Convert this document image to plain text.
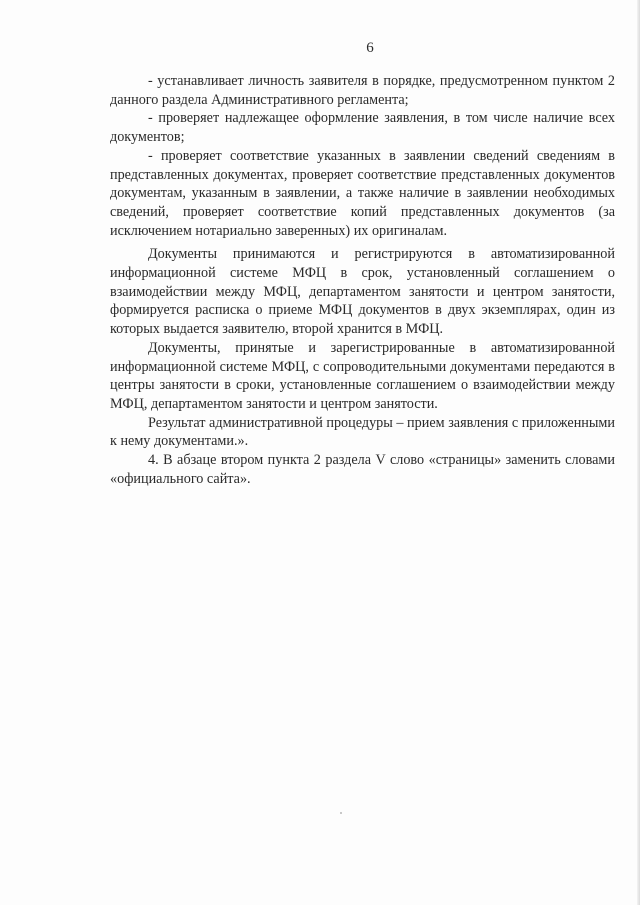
6

- устанавливает личность заявителя в порядке, предусмотренном пунктом 2 данного раздела Административного регламента;

- проверяет надлежащее оформление заявления, в том числе наличие всех документов;

- проверяет соответствие указанных в заявлении сведений сведениям в представленных документах, проверяет соответствие представленных документов документам, указанным в заявлении, а также наличие в заявлении необходимых сведений, проверяет соответствие копий представленных документов (за исключением нотариально заверенных) их оригиналам.

Документы принимаются и регистрируются в автоматизированной информационной системе МФЦ в срок, установленный соглашением о взаимодействии между МФЦ, департаментом занятости и центром занятости, формируется расписка о приеме МФЦ документов в двух экземплярах, один из которых выдается заявителю, второй хранится в МФЦ.

Документы, принятые и зарегистрированные в автоматизированной информационной системе МФЦ, с сопроводительными документами передаются в центры занятости в сроки, установленные соглашением о взаимодействии между МФЦ, департаментом занятости и центром занятости.

Результат административной процедуры – прием заявления с приложенными к нему документами.».

4. В абзаце втором пункта 2 раздела V слово «страницы» заменить словами «официального сайта».
